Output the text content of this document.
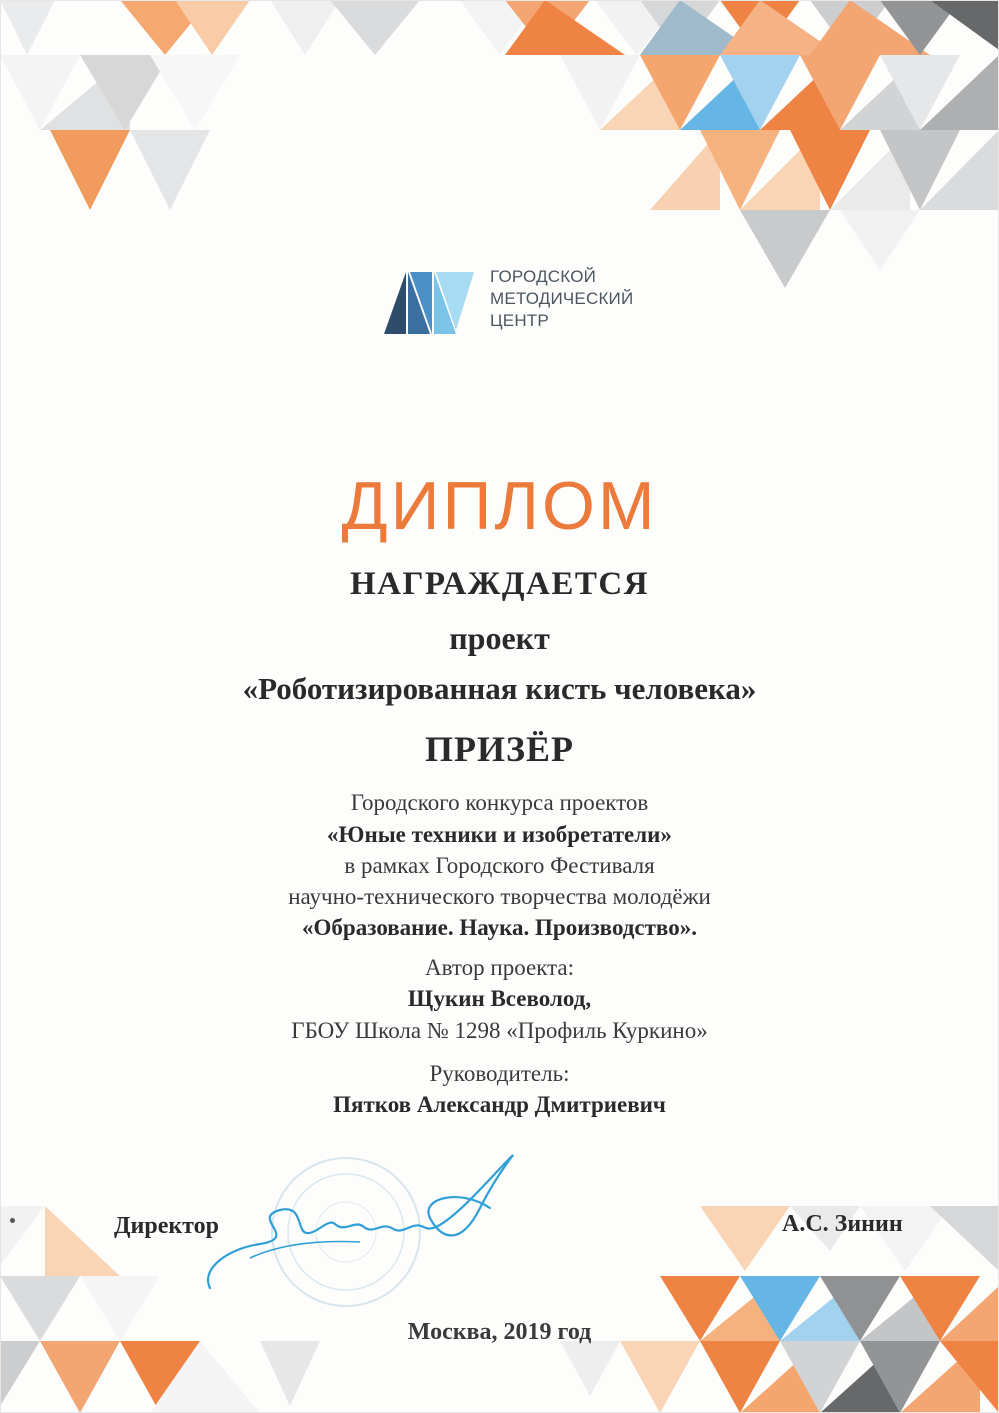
ГОРОДСКОЙ
МЕТОДИЧЕСКИЙ
ЦЕНТР
ДИПЛОМ
НАГРАЖДАЕТСЯ
проект
«Роботизированная кисть человека»
ПРИЗЁР
Городского конкурса проектов
«Юные техники и изобретатели»
в рамках Городского Фестиваля
научно-технического творчества молодёжи
«Образование. Наука. Производство».
Автор проекта:
Щукин Всеволод,
ГБОУ Школа № 1298 «Профиль Куркино»
Руководитель:
Пятков Александр Дмитриевич
Директор	А.С. Зинин
Москва, 2019 год
